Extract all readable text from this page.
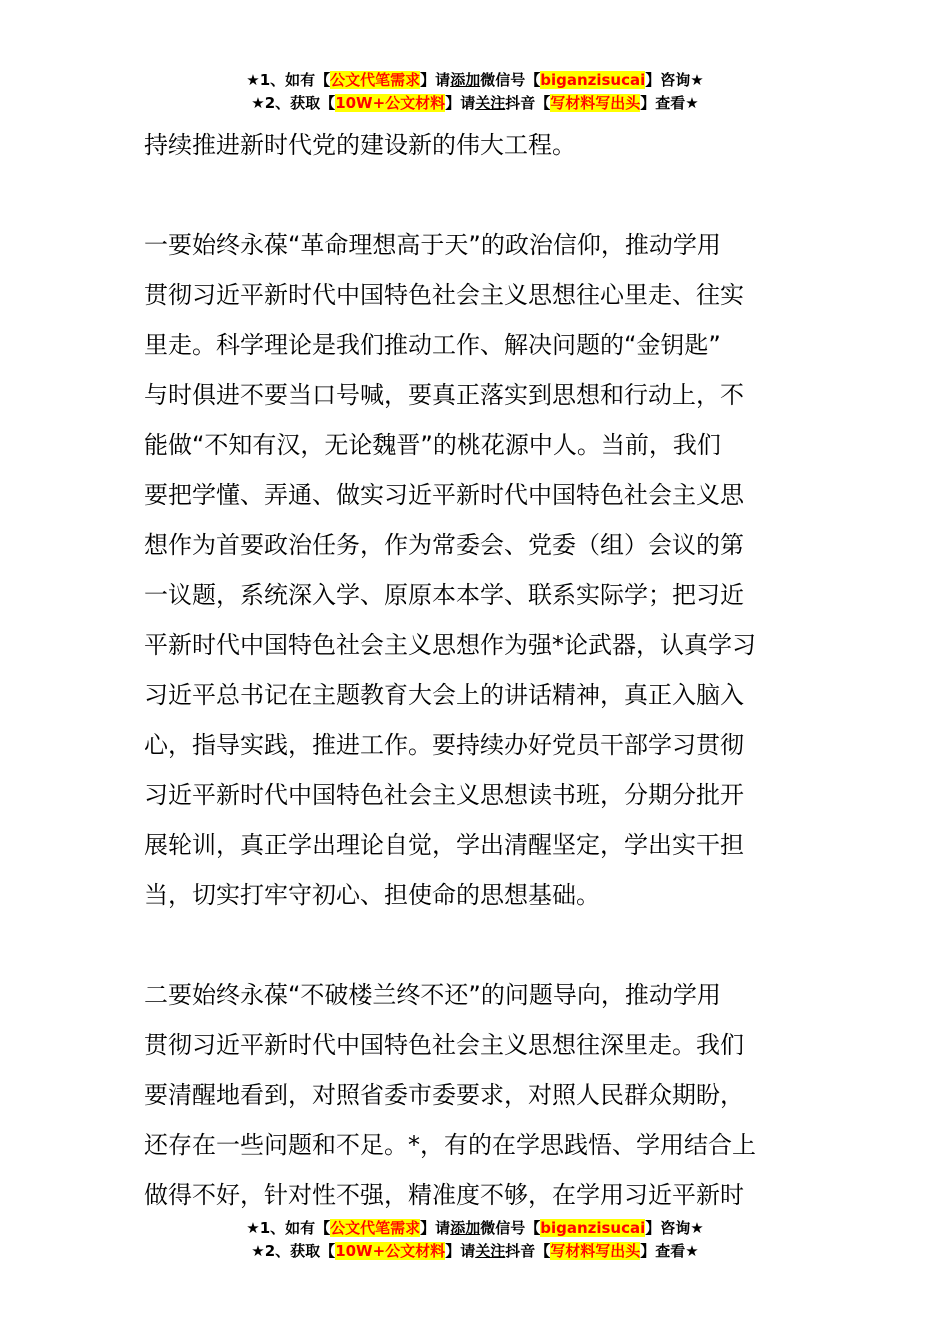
★1、如有【公文代笔需求】请添加微信号【biganzisucai】咨询★
★2、获取【10W+公文材料】请关注抖音【写材料写出头】查看★

持续推进新时代党的建设新的伟大工程。

一要始终永葆“革命理想高于天”的政治信仰，推动学用

贯彻习近平新时代中国特色社会主义思想往心里走、往实

里走。科学理论是我们推动工作、解决问题的“金钥匙”

与时俱进不要当口号喊，要真正落实到思想和行动上，不

能做“不知有汉，无论魏晋”的桃花源中人。当前，我们

要把学懂、弄通、做实习近平新时代中国特色社会主义思

想作为首要政治任务，作为常委会、党委（组）会议的第

一议题，系统深入学、原原本本学、联系实际学；把习近

平新时代中国特色社会主义思想作为强*论武器，认真学习

习近平总书记在主题教育大会上的讲话精神，真正入脑入

心，指导实践，推进工作。要持续办好党员干部学习贯彻

习近平新时代中国特色社会主义思想读书班，分期分批开

展轮训，真正学出理论自觉，学出清醒坚定，学出实干担

当，切实打牢守初心、担使命的思想基础。

二要始终永葆“不破楼兰终不还”的问题导向，推动学用

贯彻习近平新时代中国特色社会主义思想往深里走。我们

要清醒地看到，对照省委市委要求，对照人民群众期盼，

还存在一些问题和不足。*，有的在学思践悟、学用结合上

做得不好，针对性不强，精准度不够，在学用习近平新时

★1、如有【公文代笔需求】请添加微信号【biganzisucai】咨询★
★2、获取【10W+公文材料】请关注抖音【写材料写出头】查看★
